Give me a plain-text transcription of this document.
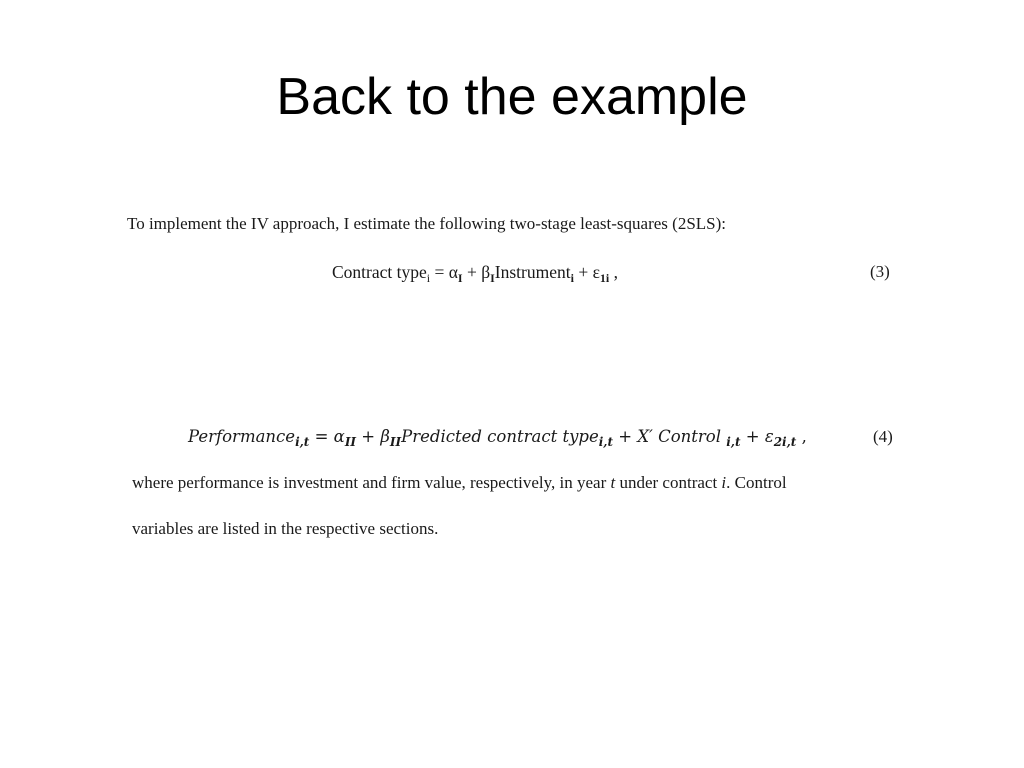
Back to the example
To implement the IV approach, I estimate the following two-stage least-squares (2SLS):
Contract type$_i$ = $\alpha_I$ + $\beta_IInstrument_i + \varepsilon_{1i}$ ,	(3)
Performance$_{i,t}$ = $\alpha_{II}$ + $\beta_{II}Predicted$ contract type$_{i,t}$ + X′ Control $_{i,t} + \varepsilon_{2i,t}$ ,	(4)
where performance is investment and firm value, respectively, in year t under contract i. Control
variables are listed in the respective sections.
